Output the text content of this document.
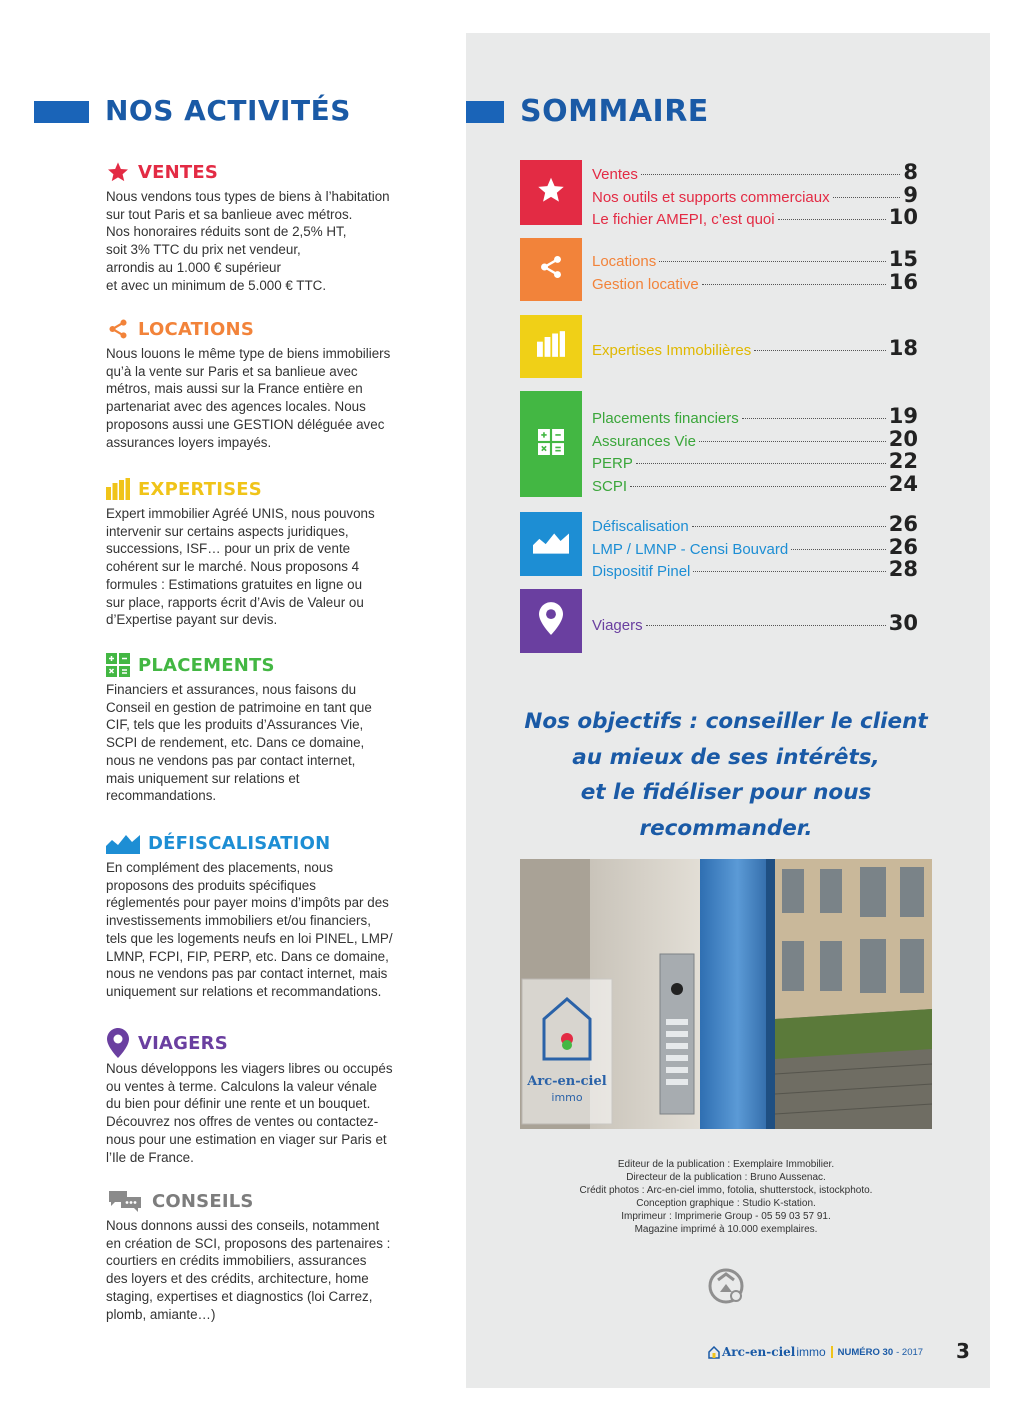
NOS ACTIVITÉS
VENTES
Nous vendons tous types de biens à l’habitation
sur tout Paris et sa banlieue avec métros.
Nos honoraires réduits sont de 2,5% HT,
soit 3% TTC du prix net vendeur,
arrondis au 1.000 € supérieur
et avec un minimum de 5.000 € TTC.
LOCATIONS
Nous louons le même type de biens immobiliers
qu’à la vente sur Paris et sa banlieue avec
métros, mais aussi sur la France entière en
partenariat avec des agences locales. Nous
proposons aussi une GESTION déléguée avec
assurances loyers impayés.
EXPERTISES
Expert immobilier Agréé UNIS, nous pouvons
intervenir sur certains aspects juridiques,
successions, ISF… pour un prix de vente
cohérent sur le marché. Nous proposons 4
formules : Estimations gratuites en ligne ou
sur place, rapports écrit d’Avis de Valeur ou
d’Expertise payant sur devis.
PLACEMENTS
Financiers et assurances, nous faisons du
Conseil en gestion de patrimoine en tant que
CIF, tels que les produits d’Assurances Vie,
SCPI de rendement, etc. Dans ce domaine,
nous ne vendons pas par contact internet,
mais uniquement sur relations et
recommandations.
DÉFISCALISATION
En complément des placements, nous
proposons des produits spécifiques
réglementés pour payer moins d’impôts par des
investissements immobiliers et/ou financiers,
tels que les logements neufs en loi PINEL, LMP/
LMNP, FCPI, FIP, PERP, etc. Dans ce domaine,
nous ne vendons pas par contact internet, mais
uniquement sur relations et recommandations.
VIAGERS
Nous développons les viagers libres ou occupés
ou ventes à terme. Calculons la valeur vénale
du bien pour définir une rente et un bouquet.
Découvrez nos offres de ventes ou contactez-
nous pour une estimation en viager sur Paris et
l’Ile de France.
CONSEILS
Nous donnons aussi des conseils, notamment
en création de SCI, proposons des partenaires :
courtiers en crédits immobiliers, assurances
des loyers et des crédits, architecture, home
staging, expertises et diagnostics (loi Carrez,
plomb, amiante…)
SOMMAIRE
Ventes	8
Nos outils et supports commerciaux	9
Le fichier AMEPI, c’est quoi	10
Locations	15
Gestion locative	16
Expertises Immobilières	18
Placements financiers	19
Assurances Vie	20
PERP	22
SCPI	24
Défiscalisation	26
LMP / LMNP - Censi Bouvard	26
Dispositif Pinel	28
Viagers	30
Nos objectifs : conseiller le client
au mieux de ses intérêts,
et le fidéliser pour nous recommander.
Arc-en-ciel
immo
Editeur de la publication : Exemplaire Immobilier.
Directeur de la publication : Bruno Aussenac.
Crédit photos : Arc-en-ciel immo, fotolia, shutterstock, istockphoto.
Conception graphique : Studio K-station.
Imprimeur : Imprimerie Group - 05 59 03 57 91.
Magazine imprimé à 10.000 exemplaires.
Arc-en-ciel immo NUMÉRO 30 - 2017 3
